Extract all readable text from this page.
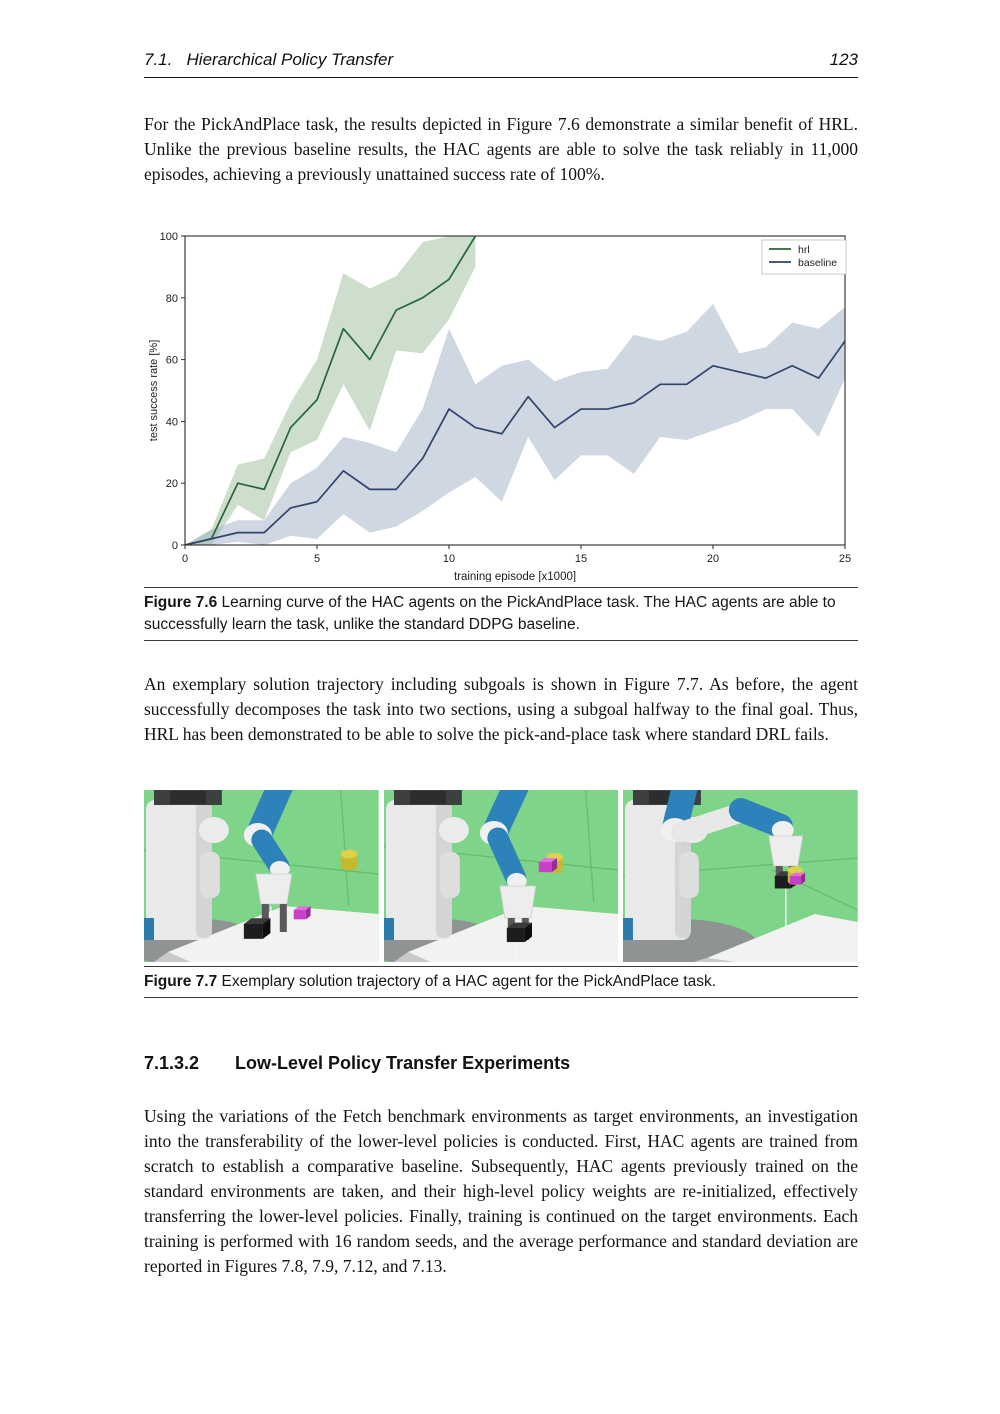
7.1. Hierarchical Policy Transfer	123
For the PickAndPlace task, the results depicted in Figure 7.6 demonstrate a similar benefit of HRL. Unlike the previous baseline results, the HAC agents are able to solve the task reliably in 11,000 episodes, achieving a previously unattained success rate of 100%.
0	5	10	15	20	25
0
20
40
60
80
100
training episode [x1000]
test success rate [%]
hrl
baseline
Figure 7.6 Learning curve of the HAC agents on the PickAndPlace task. The HAC agents are able to successfully learn the task, unlike the standard DDPG baseline.
An exemplary solution trajectory including subgoals is shown in Figure 7.7. As before, the agent successfully decomposes the task into two sections, using a subgoal halfway to the final goal. Thus, HRL has been demonstrated to be able to solve the pick-and-place task where standard DRL fails.
Figure 7.7 Exemplary solution trajectory of a HAC agent for the PickAndPlace task.
7.1.3.2 Low-Level Policy Transfer Experiments
Using the variations of the Fetch benchmark environments as target environments, an investigation into the transferability of the lower-level policies is conducted. First, HAC agents are trained from scratch to establish a comparative baseline. Subsequently, HAC agents previously trained on the standard environments are taken, and their high-level policy weights are re-initialized, effectively transferring the lower-level policies. Finally, training is continued on the target environments. Each training is performed with 16 random seeds, and the average performance and standard deviation are reported in Figures 7.8, 7.9, 7.12, and 7.13.
